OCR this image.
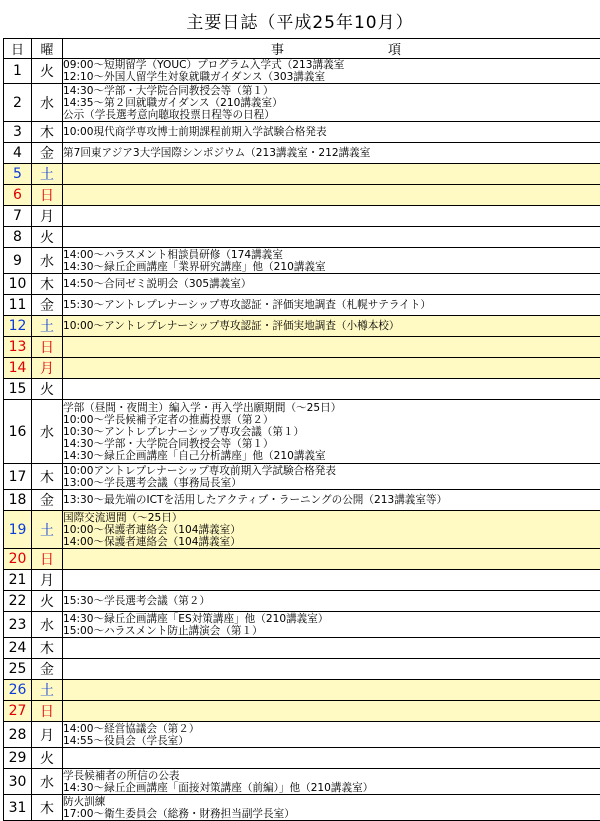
主要日誌（平成25年10月）
日	曜	事　　　　　　　　項
1	火	09:00～短期留学（YOUC）プログラム入学式（213講義室
12:10～外国人留学生対象就職ガイダンス（303講義室

2	水	14:30～学部・大学院合同教授会等（第１）
14:35～第２回就職ガイダンス（210講義室）
公示（学長選考意向聴取投票日程等の日程）

3	木	10:00現代商学専攻博士前期課程前期入学試験合格発表

4	金	第7回東アジア3大学国際シンポジウム（213講義室・212講義室

5	土	
6	日	
7	月	
8	火	
9	水	14:00～ハラスメント相談員研修（174講義室
14:30～緑丘企画講座「業界研究講座」他（210講義室

10	木	14:50～合同ゼミ説明会（305講義室）

11	金	15:30～アントレプレナーシップ専攻認証・評価実地調査（札幌サテライト）

12	土	10:00～アントレプレナーシップ専攻認証・評価実地調査（小樽本校）

13	日	
14	月	
15	火	
16	水	学部（昼間・夜間主）編入学・再入学出願期間（～25日）
10:00～学長候補予定者の推薦投票（第２）
10:30～アントレプレナーシップ専攻会議（第１）
14:30～学部・大学院合同教授会等（第１）
14:30～緑丘企画講座「自己分析講座」他（210講義室

17	木	10:00アントレプレナーシップ専攻前期入学試験合格発表
13:00～学長選考会議（事務局長室）

18	金	13:30～最先端のICTを活用したアクティブ・ラーニングの公開（213講義室等）

19	土	国際交流週間（～25日）
10:00～保護者連絡会（104講義室）
14:00～保護者連絡会（104講義室）

20	日	
21	月	
22	火	15:30～学長選考会議（第２）

23	水	14:30～緑丘企画講座「ES対策講座」他（210講義室）
15:00～ハラスメント防止講演会（第１）

24	木	
25	金	
26	土	
27	日	
28	月	14:00～経営協議会（第２）
14:55～役員会（学長室）

29	火	
30	水	学長候補者の所信の公表
14:30～緑丘企画講座「面接対策講座（前編）」他（210講義室）

31	木	防火訓練
17:00～衛生委員会（総務・財務担当副学長室）
